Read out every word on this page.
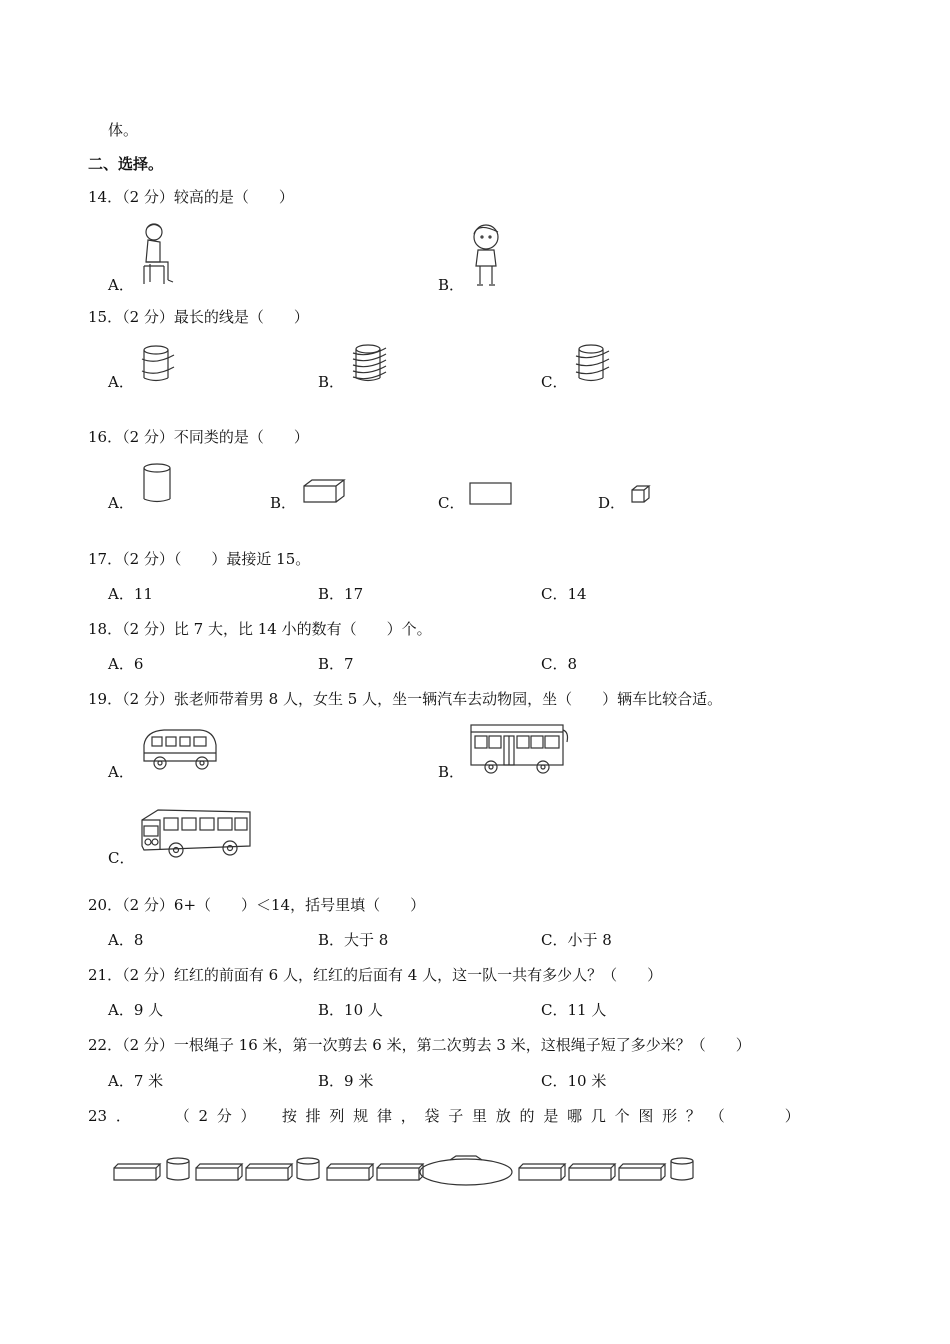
体。
二、选择。
14．（2 分）较高的是（　　）
A．	B．
15．（2 分）最长的线是（　　）
A．	B．	C．
16．（2 分）不同类的是（　　）
A．	B．	C．	D．
17．（2 分）（　　）最接近 15。
A．11	B．17	C．14
18．（2 分）比 7 大，比 14 小的数有（　　）个。
A．6	B．7	C．8
19．（2 分）张老师带着男 8 人，女生 5 人，坐一辆汽车去动物园，坐（　　）辆车比较合适。
A．	B．
C．
20．（2 分）6+（　　）＜14，括号里填（　　）
A．8	B．大于 8	C．小于 8
21．（2 分）红红的前面有 6 人，红红的后面有 4 人，这一队一共有多少人？（　　）
A．9 人	B．10 人	C．11 人
22．（2 分）一根绳子 16 米，第一次剪去 6 米，第二次剪去 3 米，这根绳子短了多少米？（　　）
A．7 米	B．9 米	C．10 米
23 ．	（ 2 分 ） 按 排 列 规 律 ， 袋 子 里 放 的 是 哪 几 个 图 形 ？ （　　　　）
